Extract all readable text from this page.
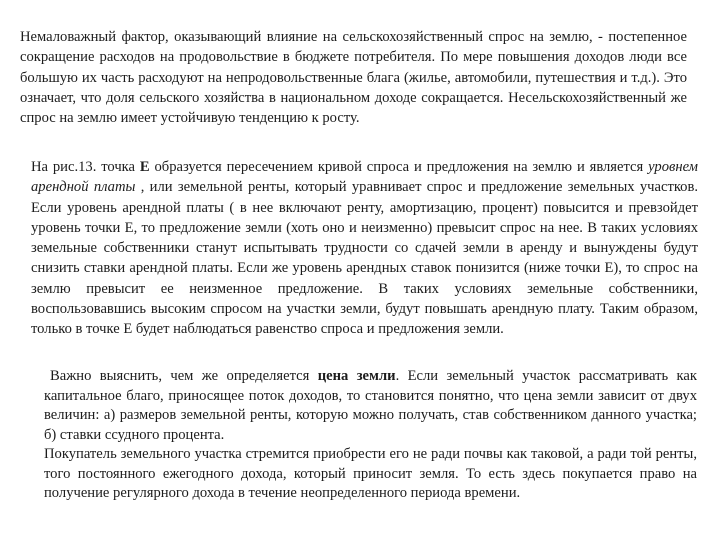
Немаловажный фактор, оказывающий влияние на сельскохозяйственный спрос на землю, - постепенное сокращение расходов на продовольствие в бюджете потребителя. По мере повышения доходов люди все большую их часть расходуют на непродовольственные блага (жилье, автомобили, путешествия и т.д.). Это означает, что доля сельского хозяйства в национальном доходе сокращается. Несельскохозяйственный же спрос на землю имеет устойчивую тенденцию к росту.

На рис.13. точка Е образуется пересечением кривой спроса и предложения на землю и является уровнем арендной платы , или земельной ренты, который уравнивает спрос и предложение земельных участков. Если уровень арендной платы ( в нее включают ренту, амортизацию, процент) повысится и превзойдет уровень точки Е, то предложение земли (хоть оно и неизменно) превысит спрос на нее. В таких условиях земельные собственники станут испытывать трудности со сдачей земли в аренду и вынуждены будут снизить ставки арендной платы. Если же уровень арендных ставок понизится (ниже точки Е), то спрос на землю превысит ее неизменное предложение. В таких условиях земельные собственники, воспользовавшись высоким спросом на участки земли, будут повышать арендную плату. Таким образом, только в точке Е будет наблюдаться равенство спроса и предложения земли.

Важно выяснить, чем же определяется цена земли. Если земельный участок рассматривать как капитальное благо, приносящее поток доходов, то становится понятно, что цена земли зависит от двух величин: а) размеров земельной ренты, которую можно получать, став собственником данного участка; б) ставки ссудного процента.

Покупатель земельного участка стремится приобрести его не ради почвы как таковой, а ради той ренты, того постоянного ежегодного дохода, который приносит земля. То есть здесь покупается право на получение регулярного дохода в течение неопределенного периода времени.
